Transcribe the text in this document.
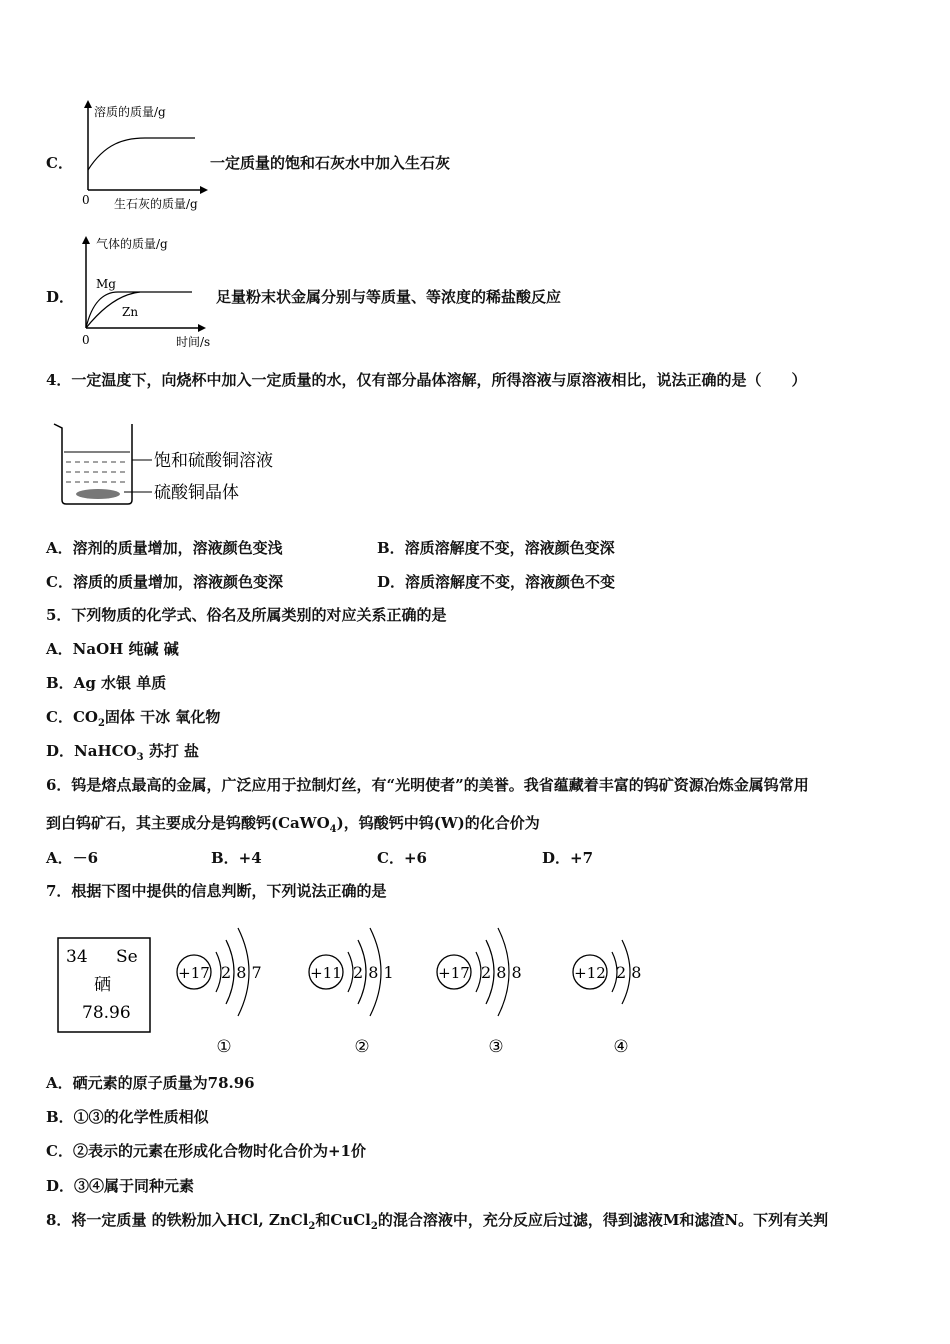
C．
溶质的质量/g
0 生石灰的质量/g
一定质量的饱和石灰水中加入生石灰
D．
气体的质量/g
Mg
Zn
0	时间/s
足量粉末状金属分别与等质量、等浓度的稀盐酸反应
4．一定温度下，向烧杯中加入一定质量的水，仅有部分晶体溶解，所得溶液与原溶液相比，说法正确的是（　　）
饱和硫酸铜溶液
硫酸铜晶体
A．溶剂的质量增加，溶液颜色变浅	B．溶质溶解度不变，溶液颜色变深
C．溶质的质量增加，溶液颜色变深	D．溶质溶解度不变，溶液颜色不变
5．下列物质的化学式、俗名及所属类别的对应关系正确的是
A．NaOH 纯碱 碱
B．Ag 水银 单质
C．$CO_2$固体 干冰 氧化物
D．NaHCO$_3$ 苏打 盐
6．钨是熔点最高的金属，广泛应用于拉制灯丝，有“光明使者”的美誉。我省蕴藏着丰富的钨矿资源冶炼金属钨常用
到白钨矿石，其主要成分是钨酸钙(CaWO$_4$)，钨酸钙中钨(W)的化合价为
A．－6	B．+4	C．+6	D．+7
7．根据下图中提供的信息判断，下列说法正确的是
34 Se
硒
78.96
+17 2 8 7
①
+11 2 8 1
②
+17 2 8 8
③
+12 2 8
④
A．硒元素的原子质量为78.96
B．①③的化学性质相似
C．②表示的元素在形成化合物时化合价为+1价
D．③④属于同种元素
8．将一定质量 的铁粉加入HCl, ZnCl$_2$和CuCl$_2$的混合溶液中，充分反应后过滤，得到滤液M和滤渣N。下列有关判
